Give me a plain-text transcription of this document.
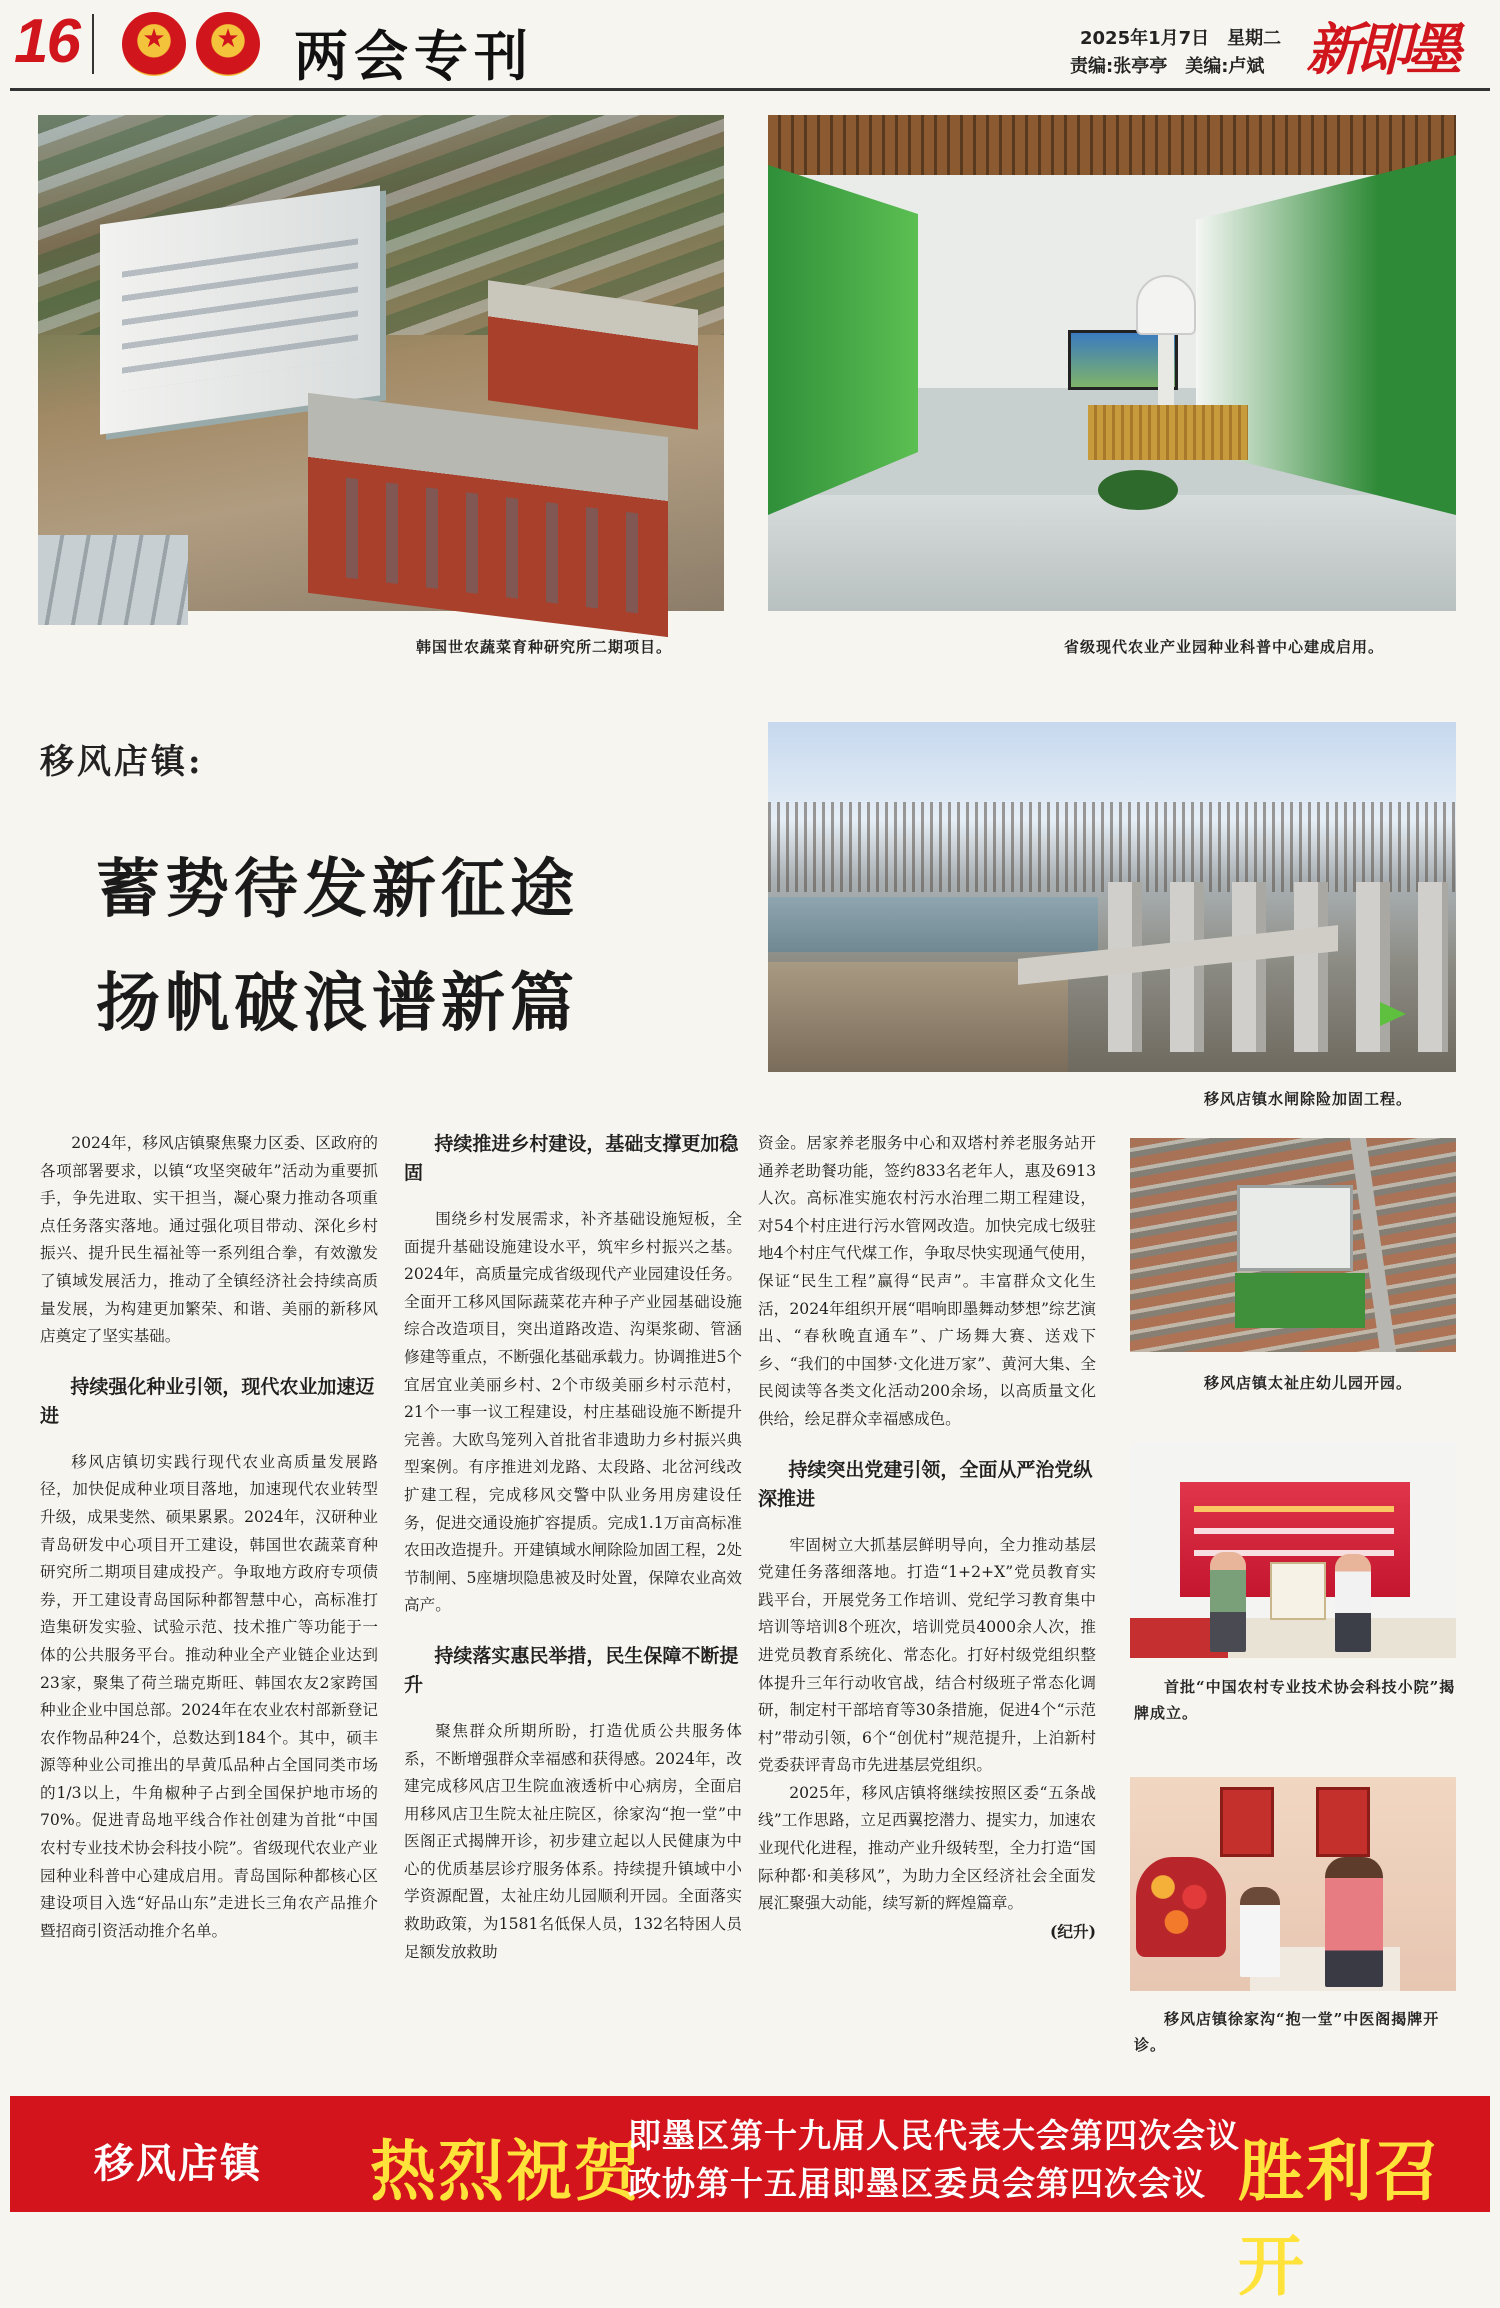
16 ★ ★	两会专刊	2025年1月7日　星期二
责编:张亭亭　美编:卢斌 新即墨
韩国世农蔬菜育种研究所二期项目。	省级现代农业产业园种业科普中心建成启用。
移风店镇:
蓄势待发新征途
扬帆破浪谱新篇
移风店镇水闸除险加固工程。
移风店镇太祉庄幼儿园开园。
首批“中国农村专业技术协会科技小院”揭牌成立。
移风店镇徐家沟“抱一堂”中医阁揭牌开诊。

2024年，移风店镇聚焦聚力区委、区政府的各项部署要求，以镇“攻坚突破年”活动为重要抓手，争先进取、实干担当，凝心聚力推动各项重点任务落实落地。通过强化项目带动、深化乡村振兴、提升民生福祉等一系列组合拳，有效激发了镇域发展活力，推动了全镇经济社会持续高质量发展，为构建更加繁荣、和谐、美丽的新移风店奠定了坚实基础。

持续强化种业引领，现代农业加速迈进

移风店镇切实践行现代农业高质量发展路径，加快促成种业项目落地，加速现代农业转型升级，成果斐然、硕果累累。2024年，汉研种业青岛研发中心项目开工建设，韩国世农蔬菜育种研究所二期项目建成投产。争取地方政府专项债券，开工建设青岛国际种都智慧中心，高标准打造集研发实验、试验示范、技术推广等功能于一体的公共服务平台。推动种业全产业链企业达到23家，聚集了荷兰瑞克斯旺、韩国农友2家跨国种业企业中国总部。2024年在农业农村部新登记农作物品种24个，总数达到184个。其中，硕丰源等种业公司推出的旱黄瓜品种占全国同类市场的1/3以上，牛角椒种子占到全国保护地市场的70%。促进青岛地平线合作社创建为首批“中国农村专业技术协会科技小院”。省级现代农业产业园种业科普中心建成启用。青岛国际种都核心区建设项目入选“好品山东”走进长三角农产品推介暨招商引资活动推介名单。

持续推进乡村建设，基础支撑更加稳固

围绕乡村发展需求，补齐基础设施短板，全面提升基础设施建设水平，筑牢乡村振兴之基。2024年，高质量完成省级现代产业园建设任务。全面开工移风国际蔬菜花卉种子产业园基础设施综合改造项目，突出道路改造、沟渠浆砌、管涵修建等重点，不断强化基础承载力。协调推进5个宜居宜业美丽乡村、2个市级美丽乡村示范村，21个一事一议工程建设，村庄基础设施不断提升完善。大欧鸟笼列入首批省非遗助力乡村振兴典型案例。有序推进刘龙路、太段路、北岔河线改扩建工程，完成移风交警中队业务用房建设任务，促进交通设施扩容提质。完成1.1万亩高标准农田改造提升。开建镇域水闸除险加固工程，2处节制闸、5座塘坝隐患被及时处置，保障农业高效高产。

持续落实惠民举措，民生保障不断提升

聚焦群众所期所盼，打造优质公共服务体系，不断增强群众幸福感和获得感。2024年，改建完成移风店卫生院血液透析中心病房，全面启用移风店卫生院太祉庄院区，徐家沟“抱一堂”中医阁正式揭牌开诊，初步建立起以人民健康为中心的优质基层诊疗服务体系。持续提升镇域中小学资源配置，太祉庄幼儿园顺利开园。全面落实救助政策，为1581名低保人员，132名特困人员足额发放救助

资金。居家养老服务中心和双塔村养老服务站开通养老助餐功能，签约833名老年人，惠及6913人次。高标准实施农村污水治理二期工程建设，对54个村庄进行污水管网改造。加快完成七级驻地4个村庄气代煤工作，争取尽快实现通气使用，保证“民生工程”赢得“民声”。丰富群众文化生活，2024年组织开展“唱响即墨舞动梦想”综艺演出、“春秋晚直通车”、广场舞大赛、送戏下乡、“我们的中国梦·文化进万家”、黄河大集、全民阅读等各类文化活动200余场，以高质量文化供给，绘足群众幸福感成色。

持续突出党建引领，全面从严治党纵深推进

牢固树立大抓基层鲜明导向，全力推动基层党建任务落细落地。打造“1+2+X”党员教育实践平台，开展党务工作培训、党纪学习教育集中培训等培训8个班次，培训党员4000余人次，推进党员教育系统化、常态化。打好村级党组织整体提升三年行动收官战，结合村级班子常态化调研，制定村干部培育等30条措施，促进4个“示范村”带动引领，6个“创优村”规范提升，上泊新村党委获评青岛市先进基层党组织。

2025年，移风店镇将继续按照区委“五条战线”工作思路，立足西翼挖潜力、提实力，加速农业现代化进程，推动产业升级转型，全力打造“国际种都·和美移风”，为助力全区经济社会全面发展汇聚强大动能，续写新的辉煌篇章。

(纪升)
移风店镇 热烈祝贺
即墨区第十九届人民代表大会第四次会议
政协第十五届即墨区委员会第四次会议 胜利召开
